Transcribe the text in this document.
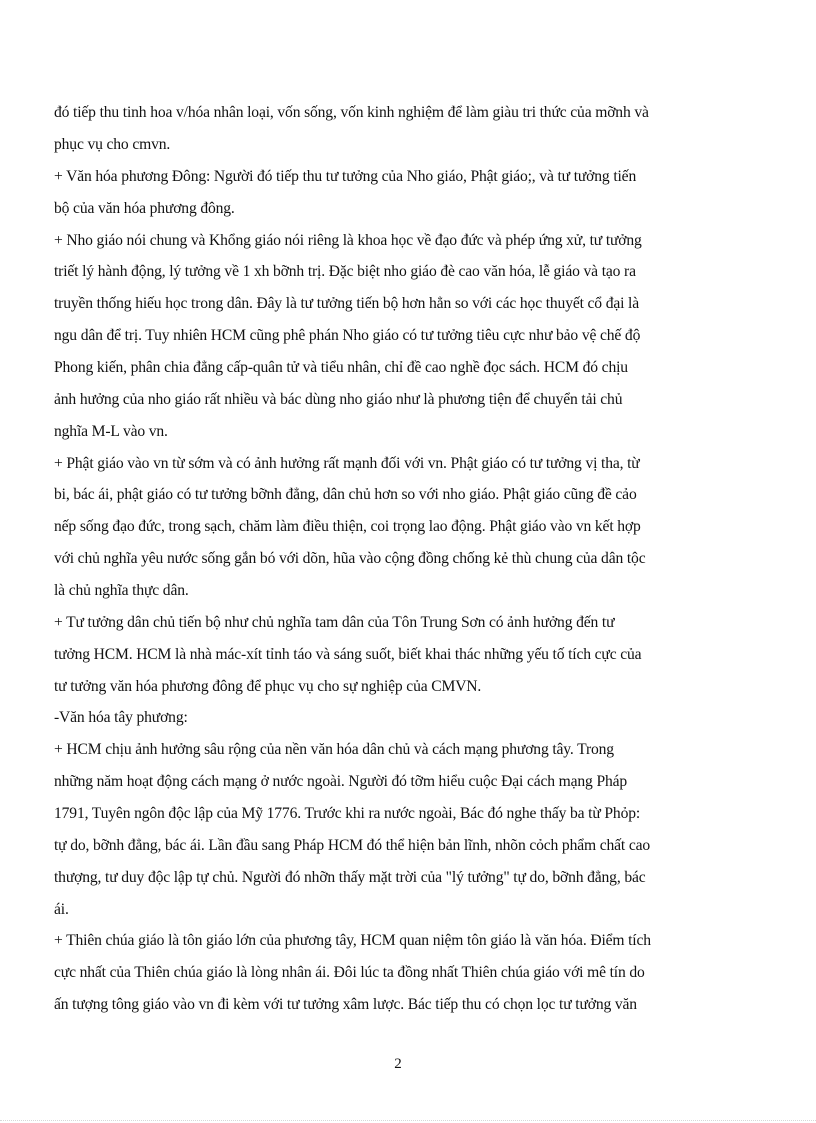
đó tiếp thu tinh hoa v/hóa nhân loại, vốn sống, vốn kinh nghiệm để làm giàu tri thức của mỡnh và
phục vụ cho cmvn.
+ Văn hóa phương Đông: Người đó tiếp thu tư tưởng của Nho giáo, Phật giáo;, và tư tưởng tiến
bộ của văn hóa phương đông.
+ Nho giáo nói chung và Khổng giáo nói riêng là khoa học về đạo đức và phép ứng xử, tư tưởng
triết lý hành động, lý tưởng về 1 xh bỡnh trị. Đặc biệt nho giáo đè cao văn hóa, lễ giáo và tạo ra
truyền thống hiếu học trong dân. Đây là tư tưởng tiến bộ hơn hẳn so với các học thuyết cổ đại là
ngu dân để trị. Tuy nhiên HCM cũng phê phán Nho giáo có tư tưởng tiêu cực như bảo vệ chế độ
Phong kiến, phân chia đẳng cấp-quân tử và tiểu nhân, chỉ đề cao nghề đọc sách. HCM đó chịu
ảnh hưởng của nho giáo rất nhiều và bác dùng nho giáo như là phương tiện để chuyển tải chủ
nghĩa M-L vào vn.
+ Phật giáo vào vn từ sớm và có ảnh hưởng rất mạnh đối với vn. Phật giáo có tư tưởng vị tha, từ
bi, bác ái, phật giáo có tư tưởng bỡnh đẳng, dân chủ hơn so với nho giáo. Phật giáo cũng đề cảo
nếp sống đạo đức, trong sạch, chăm làm điều thiện, coi trọng lao động. Phật giáo vào vn kết hợp
với chủ nghĩa yêu nước sống gắn bó với dõn, hũa vào cộng đồng chống kẻ thù chung của dân tộc
là chủ nghĩa thực dân.
+ Tư tưởng dân chủ tiến bộ như chủ nghĩa tam dân của Tôn Trung Sơn có ảnh hưởng đến tư
tưởng HCM. HCM là nhà mác-xít tỉnh táo và sáng suốt, biết khai thác những yếu tố tích cực của
tư tưởng văn hóa phương đông để phục vụ cho sự nghiệp của CMVN.
-Văn hóa tây phương:
+ HCM chịu ảnh hưởng sâu rộng của nền văn hóa dân chủ và cách mạng phương tây. Trong
những năm hoạt động cách mạng ở nước ngoài. Người đó tỡm hiểu cuộc Đại cách mạng Pháp
1791, Tuyên ngôn độc lập của Mỹ 1776. Trước khi ra nước ngoài, Bác đó nghe thấy ba từ Phỏp:
tự do, bỡnh đẳng, bác ái. Lần đầu sang Pháp HCM đó thể hiện bản lĩnh, nhõn cỏch phẩm chất cao
thượng, tư duy độc lập tự chủ. Người đó nhỡn thấy mặt trời của "lý tưởng" tự do, bỡnh đẳng, bác
ái.
+ Thiên chúa giáo là tôn giáo lớn của phương tây, HCM quan niệm tôn giáo là văn hóa. Điểm tích
cực nhất của Thiên chúa giáo là lòng nhân ái. Đôi lúc ta đồng nhất Thiên chúa giáo với mê tín do
ấn tượng tông giáo vào vn đi kèm với tư tưởng xâm lược. Bác tiếp thu có chọn lọc tư tưởng văn
2
